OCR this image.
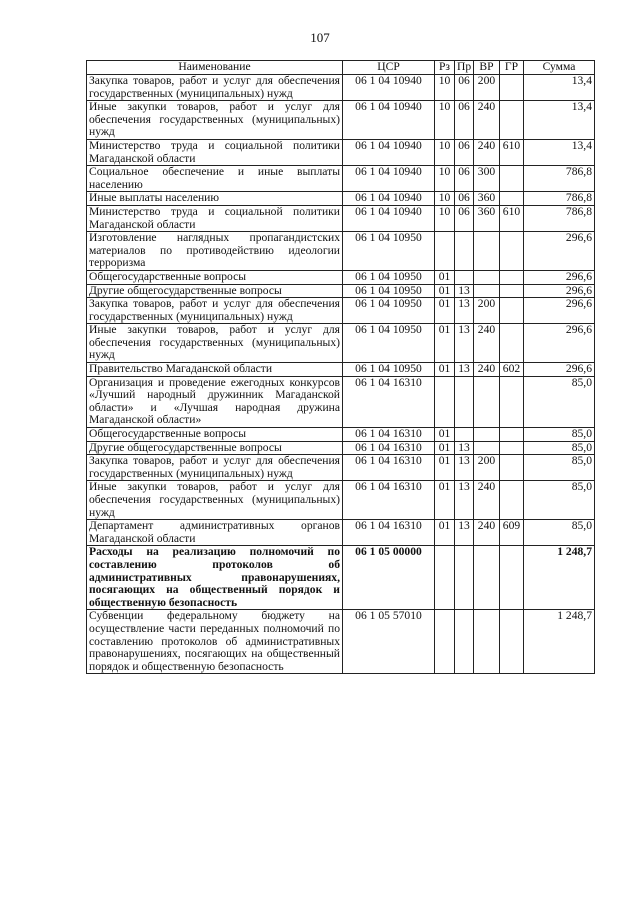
107
Наименование	ЦСР	Рз	Пр	ВР	ГР	Сумма
Закупка товаров, работ и услуг для обеспечения государственных (муниципальных) нужд	06 1 04 10940	10	06	200		13,4
Иные закупки товаров, работ и услуг для обеспечения государственных (муниципальных) нужд	06 1 04 10940	10	06	240		13,4
Министерство труда и социальной политики Магаданской области	06 1 04 10940	10	06	240	610	13,4
Социальное обеспечение и иные выплаты населению	06 1 04 10940	10	06	300		786,8
Иные выплаты населению	06 1 04 10940	10	06	360		786,8
Министерство труда и социальной политики Магаданской области	06 1 04 10940	10	06	360	610	786,8
Изготовление наглядных пропагандистских материалов по противодействию идеологии терроризма	06 1 04 10950					296,6
Общегосударственные вопросы	06 1 04 10950	01				296,6
Другие общегосударственные вопросы	06 1 04 10950	01	13			296,6
Закупка товаров, работ и услуг для обеспечения государственных (муниципальных) нужд	06 1 04 10950	01	13	200		296,6
Иные закупки товаров, работ и услуг для обеспечения государственных (муниципальных) нужд	06 1 04 10950	01	13	240		296,6
Правительство Магаданской области	06 1 04 10950	01	13	240	602	296,6
Организация и проведение ежегодных конкурсов «Лучший народный дружинник Магаданской области» и «Лучшая народная дружина Магаданской области»	06 1 04 16310					85,0
Общегосударственные вопросы	06 1 04 16310	01				85,0
Другие общегосударственные вопросы	06 1 04 16310	01	13			85,0
Закупка товаров, работ и услуг для обеспечения государственных (муниципальных) нужд	06 1 04 16310	01	13	200		85,0
Иные закупки товаров, работ и услуг для обеспечения государственных (муниципальных) нужд	06 1 04 16310	01	13	240		85,0
Департамент административных органов Магаданской области	06 1 04 16310	01	13	240	609	85,0
Расходы на реализацию полномочий по составлению протоколов об административных правонарушениях, посягающих на общественный порядок и общественную безопасность	06 1 05 00000					1 248,7
Субвенции федеральному бюджету на осуществление части переданных полномочий по составлению протоколов об административных правонарушениях, посягающих на общественный порядок и общественную безопасность	06 1 05 57010					1 248,7
